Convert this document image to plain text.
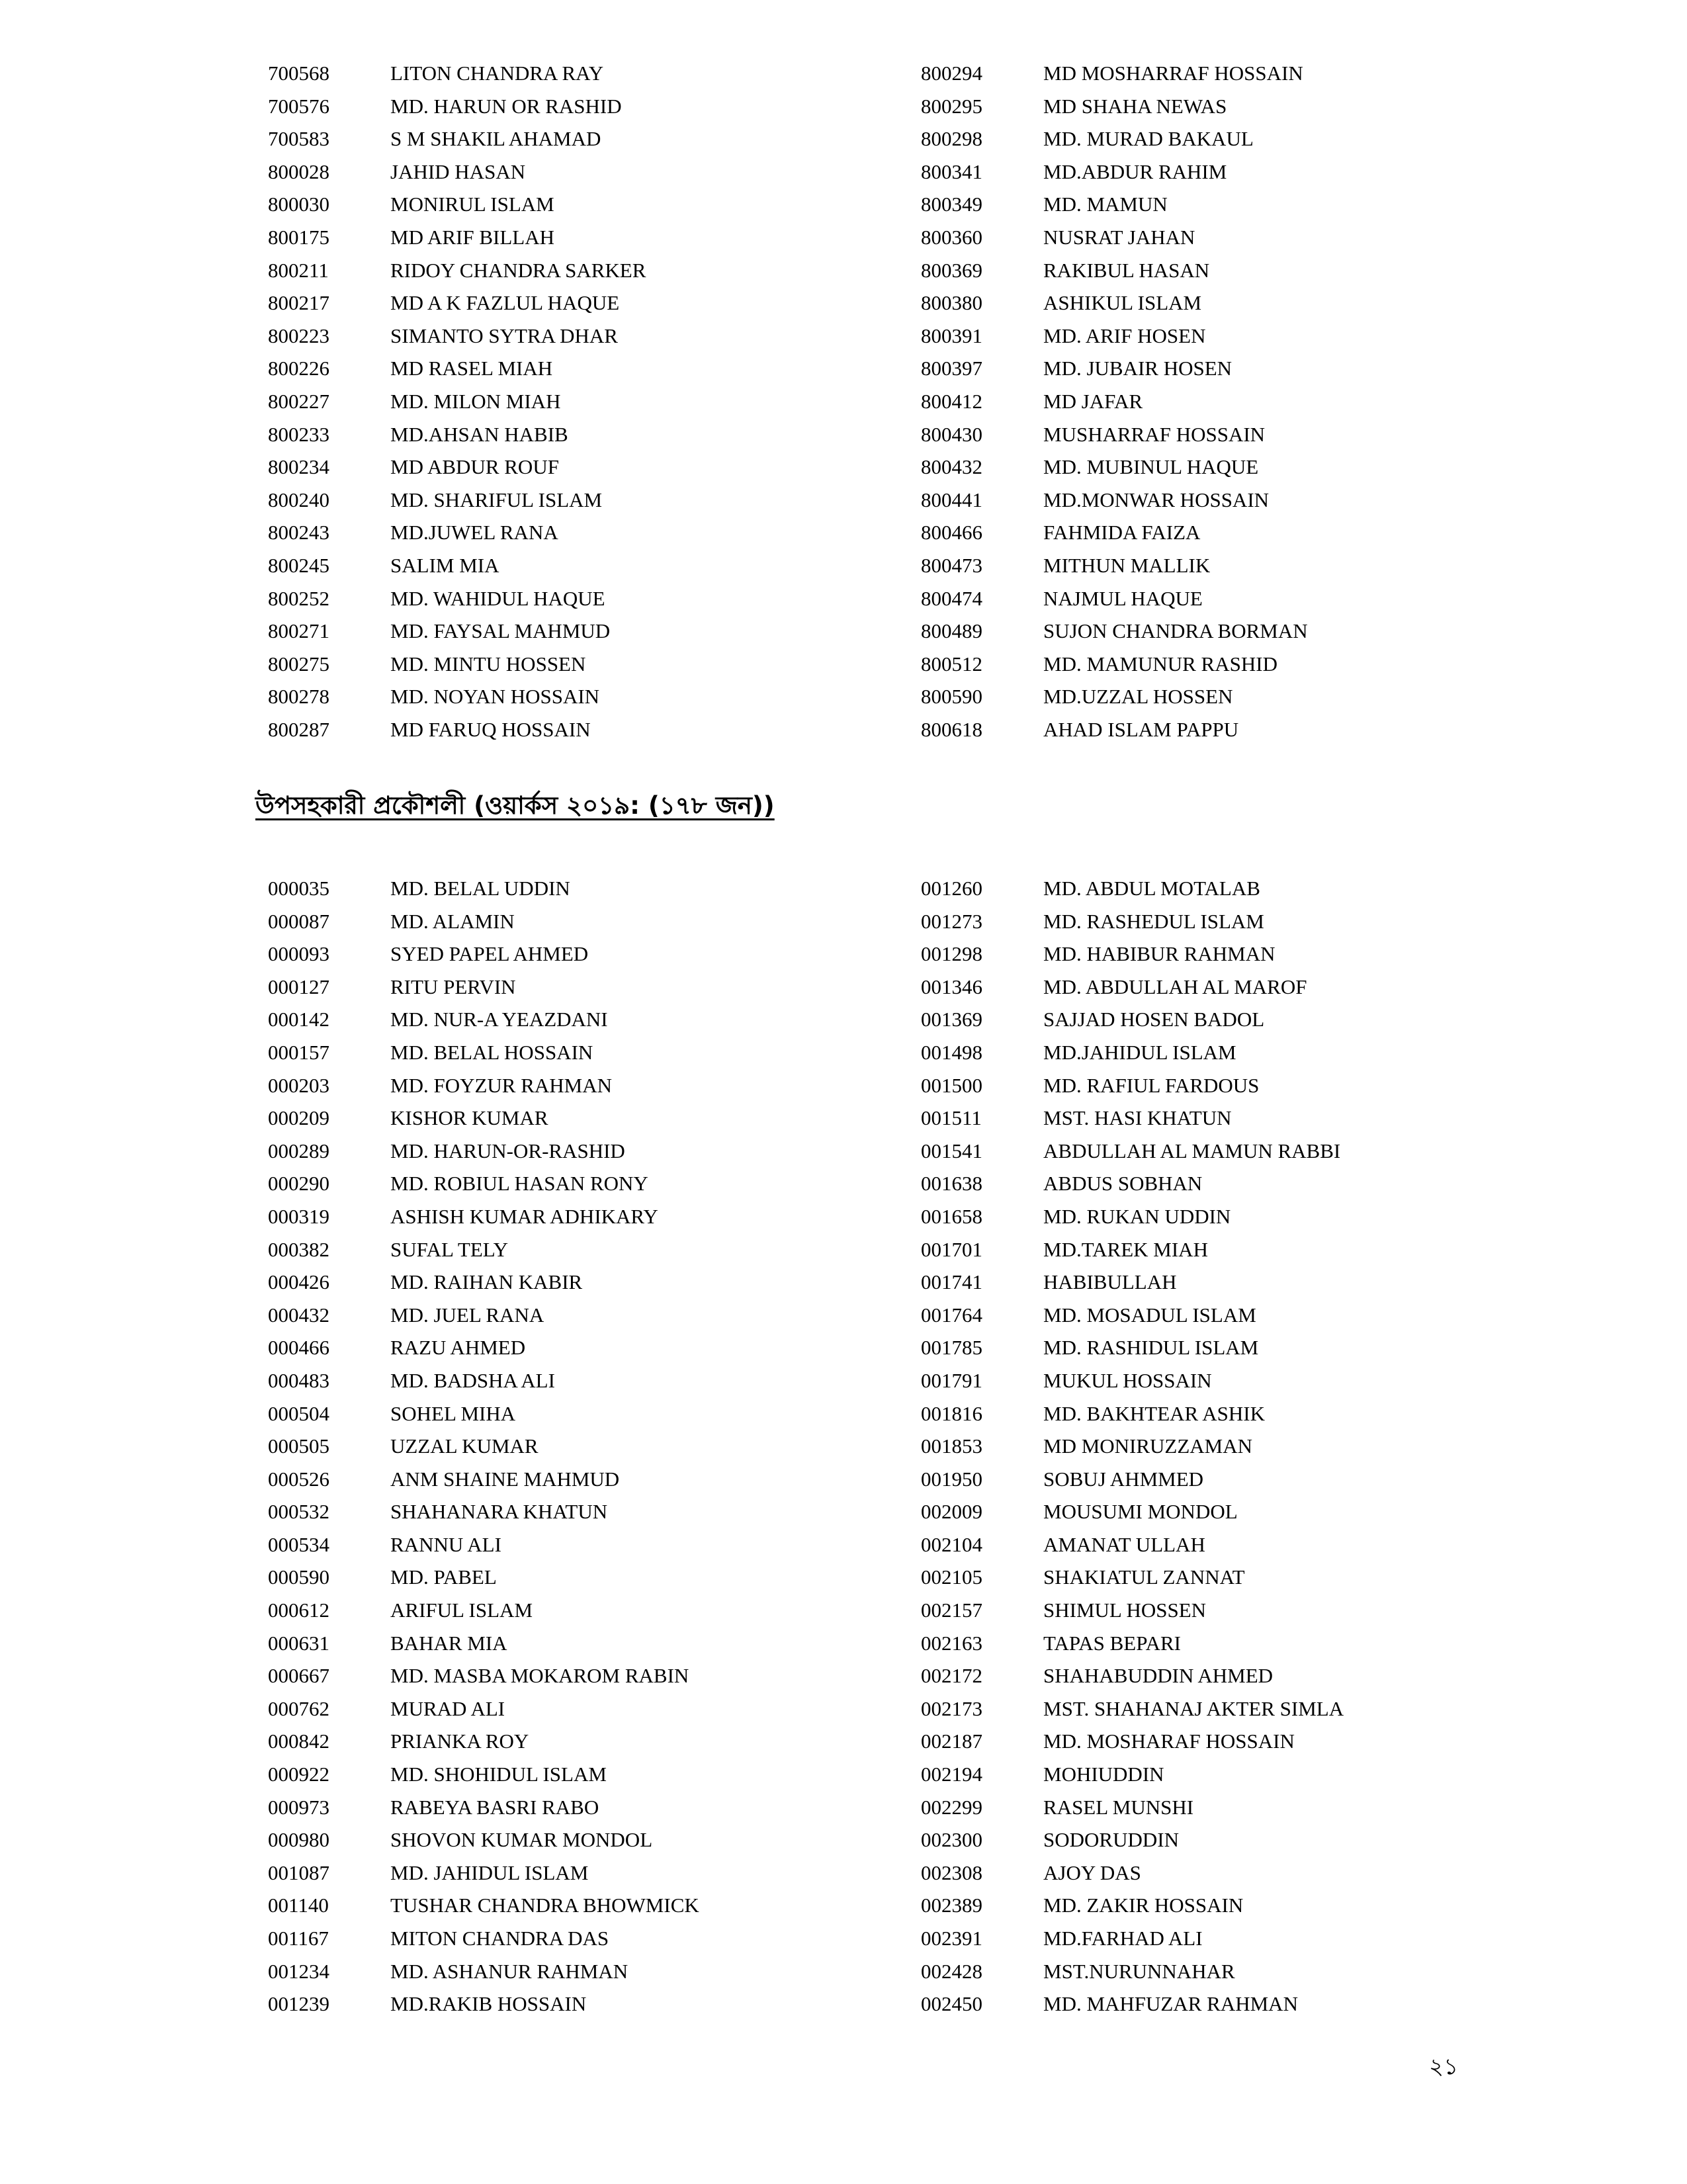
700568	LITON CHANDRA RAY
700576	MD. HARUN OR RASHID
700583	S M SHAKIL AHAMAD
800028	JAHID HASAN
800030	MONIRUL ISLAM
800175	MD ARIF BILLAH
800211	RIDOY CHANDRA SARKER
800217	MD A K FAZLUL HAQUE
800223	SIMANTO SYTRA DHAR
800226	MD RASEL MIAH
800227	MD. MILON MIAH
800233	MD.AHSAN HABIB
800234	MD ABDUR ROUF
800240	MD. SHARIFUL ISLAM
800243	MD.JUWEL RANA
800245	SALIM MIA
800252	MD. WAHIDUL HAQUE
800271	MD. FAYSAL MAHMUD
800275	MD. MINTU HOSSEN
800278	MD. NOYAN HOSSAIN
800287	MD FARUQ HOSSAIN
800294	MD MOSHARRAF HOSSAIN
800295	MD SHAHA NEWAS
800298	MD. MURAD BAKAUL
800341	MD.ABDUR RAHIM
800349	MD. MAMUN
800360	NUSRAT JAHAN
800369	RAKIBUL HASAN
800380	ASHIKUL ISLAM
800391	MD. ARIF HOSEN
800397	MD. JUBAIR HOSEN
800412	MD JAFAR
800430	MUSHARRAF HOSSAIN
800432	MD. MUBINUL HAQUE
800441	MD.MONWAR HOSSAIN
800466	FAHMIDA FAIZA
800473	MITHUN MALLIK
800474	NAJMUL HAQUE
800489	SUJON CHANDRA BORMAN
800512	MD. MAMUNUR RASHID
800590	MD.UZZAL HOSSEN
800618	AHAD ISLAM PAPPU
উপসহকারী প্রকৌশলী (ওয়ার্কস ২০১৯: (১৭৮ জন))
000035	MD. BELAL UDDIN
000087	MD. ALAMIN
000093	SYED PAPEL AHMED
000127	RITU PERVIN
000142	MD. NUR-A YEAZDANI
000157	MD. BELAL HOSSAIN
000203	MD. FOYZUR RAHMAN
000209	KISHOR KUMAR
000289	MD. HARUN-OR-RASHID
000290	MD. ROBIUL HASAN RONY
000319	ASHISH KUMAR ADHIKARY
000382	SUFAL TELY
000426	MD. RAIHAN KABIR
000432	MD. JUEL RANA
000466	RAZU AHMED
000483	MD. BADSHA ALI
000504	SOHEL MIHA
000505	UZZAL KUMAR
000526	ANM SHAINE MAHMUD
000532	SHAHANARA KHATUN
000534	RANNU ALI
000590	MD. PABEL
000612	ARIFUL ISLAM
000631	BAHAR MIA
000667	MD. MASBA MOKAROM RABIN
000762	MURAD ALI
000842	PRIANKA ROY
000922	MD. SHOHIDUL ISLAM
000973	RABEYA BASRI RABO
000980	SHOVON KUMAR MONDOL
001087	MD. JAHIDUL ISLAM
001140	TUSHAR CHANDRA BHOWMICK
001167	MITON CHANDRA DAS
001234	MD. ASHANUR RAHMAN
001239	MD.RAKIB HOSSAIN
001260	MD. ABDUL MOTALAB
001273	MD. RASHEDUL ISLAM
001298	MD. HABIBUR RAHMAN
001346	MD. ABDULLAH AL MAROF
001369	SAJJAD HOSEN BADOL
001498	MD.JAHIDUL ISLAM
001500	MD. RAFIUL FARDOUS
001511	MST. HASI KHATUN
001541	ABDULLAH AL MAMUN RABBI
001638	ABDUS SOBHAN
001658	MD. RUKAN UDDIN
001701	MD.TAREK MIAH
001741	HABIBULLAH
001764	MD. MOSADUL ISLAM
001785	MD. RASHIDUL ISLAM
001791	MUKUL HOSSAIN
001816	MD. BAKHTEAR ASHIK
001853	MD MONIRUZZAMAN
001950	SOBUJ AHMMED
002009	MOUSUMI MONDOL
002104	AMANAT ULLAH
002105	SHAKIATUL ZANNAT
002157	SHIMUL HOSSEN
002163	TAPAS BEPARI
002172	SHAHABUDDIN AHMED
002173	MST. SHAHANAJ AKTER SIMLA
002187	MD. MOSHARAF HOSSAIN
002194	MOHIUDDIN
002299	RASEL MUNSHI
002300	SODORUDDIN
002308	AJOY DAS
002389	MD. ZAKIR HOSSAIN
002391	MD.FARHAD ALI
002428	MST.NURUNNAHAR
002450	MD. MAHFUZAR RAHMAN
২১
